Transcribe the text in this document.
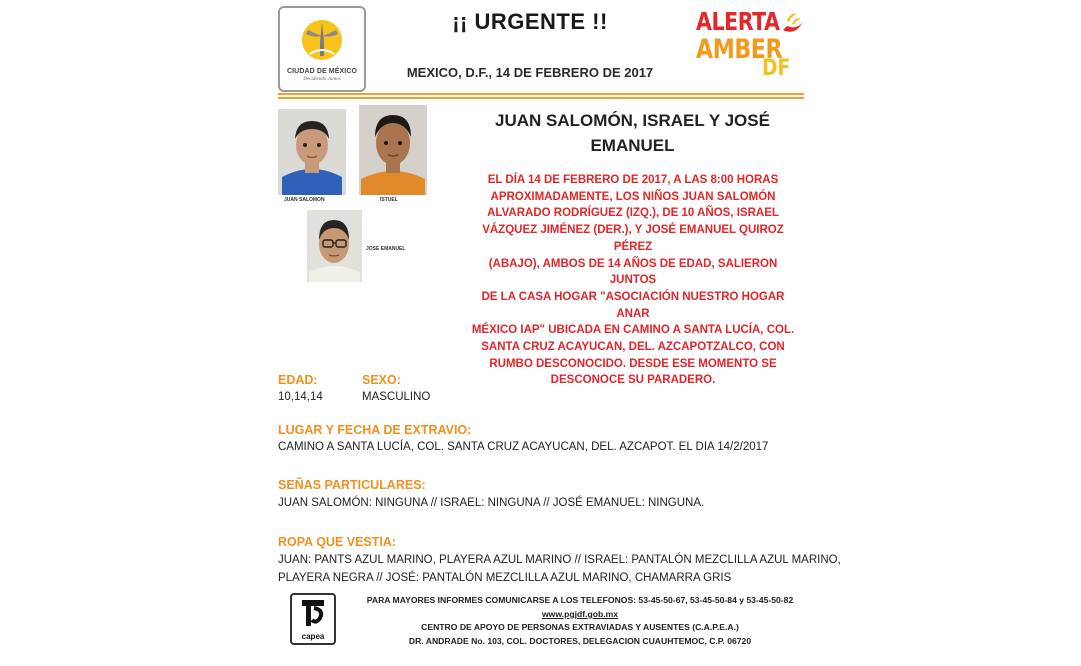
CIUDAD DE MÉXICO
Decidiendo Juntos
¡¡ URGENTE !!
MEXICO, D.F., 14 DE FEBRERO DE 2017
ALERTA
AMBER
DF
JUAN SALOMON	ISTUEL
JOSE EMANUEL
JUAN SALOMÓN, ISRAEL Y JOSÉ
EMANUEL
EL DÍA 14 DE FEBRERO DE 2017, A LAS 8:00 HORAS
APROXIMADAMENTE, LOS NIÑOS JUAN SALOMÓN
ALVARADO RODRÍGUEZ (IZQ.), DE 10 AÑOS, ISRAEL
VÁZQUEZ JIMÉNEZ (DER.), Y JOSÉ EMANUEL QUIROZ PÉREZ
(ABAJO), AMBOS DE 14 AÑOS DE EDAD, SALIERON JUNTOS
DE LA CASA HOGAR "ASOCIACIÓN NUESTRO HOGAR ANAR
MÉXICO IAP" UBICADA EN CAMINO A SANTA LUCÍA, COL.
SANTA CRUZ ACAYUCAN, DEL. AZCAPOTZALCO, CON
RUMBO DESCONOCIDO. DESDE ESE MOMENTO SE
DESCONOCE SU PARADERO.
EDAD:
10,14,14
SEXO:
MASCULINO
LUGAR Y FECHA DE EXTRAVIO:
CAMINO A SANTA LUCÍA, COL. SANTA CRUZ ACAYUCAN, DEL. AZCAPOT. EL DIA 14/2/2017
SEÑAS PARTICULARES:
JUAN SALOMÓN: NINGUNA // ISRAEL: NINGUNA // JOSÉ EMANUEL: NINGUNA.
ROPA QUE VESTIA:
JUAN: PANTS AZUL MARINO, PLAYERA AZUL MARINO // ISRAEL: PANTALÓN MEZCLILLA AZUL MARINO,
PLAYERA NEGRA // JOSÉ: PANTALÓN MEZCLILLA AZUL MARINO, CHAMARRA GRIS
capea
PARA MAYORES INFORMES COMUNICARSE A LOS TELEFONOS: 53-45-50-67, 53-45-50-84 y 53-45-50-82
www.pgjdf.gob.mx
CENTRO DE APOYO DE PERSONAS EXTRAVIADAS Y AUSENTES (C.A.P.E.A.)
DR. ANDRADE No. 103, COL. DOCTORES, DELEGACION CUAUHTEMOC, C.P. 06720
